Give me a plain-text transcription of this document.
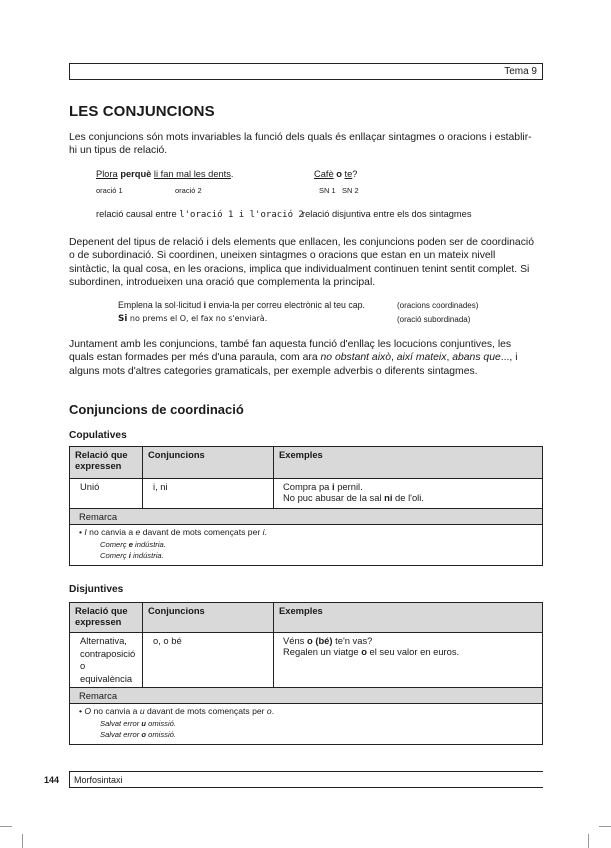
Tema 9
LES CONJUNCIONS

Les conjuncions són mots invariables la funció dels quals és enllaçar sintagmes o oracions i establir-hi un tipus de relació.

Plora perquè li fan mal les dents.
oració 1	oració 2
relació causal entre l'oració 1 i l'oració 2
Cafè o te?
SN 1 SN 2
relació disjuntiva entre els dos sintagmes

Depenent del tipus de relació i dels elements que enllacen, les conjuncions poden ser de coordinació o de subordinació. Si coordinen, uneixen sintagmes o oracions que estan en un mateix nivell sintàctic, la qual cosa, en les oracions, implica que individualment continuen tenint sentit complet. Si subordinen, introdueixen una oració que complementa la principal.

Emplena la sol·licitud i envia-la per correu electrònic al teu cap.	(oracions coordinades)
Si no prems el O, el fax no s'enviarà.	(oració subordinada)

Juntament amb les conjuncions, també fan aquesta funció d'enllaç les locucions conjuntives, les quals estan formades per més d'una paraula, com ara no obstant això, així mateix, abans que..., i alguns mots d'altres categories gramaticals, per exemple adverbis o diferents sintagmes.

Conjuncions de coordinació
Copulatives
Relació que expressen	Conjuncions	Exemples
Unió	i, ni	Compra pa i pernil.
No puc abusar de la sal ni de l'oli.

Remarca		
• I no canvia a e davant de mots començats per i.
Comerç e indústria.
Comerç i indústria.		
Disjuntives
Relació que expressen	Conjuncions	Exemples
Alternativa, contraposició o equivalència	o, o bé	Véns o (bé) te'n vas?
Regalen un viatge o el seu valor en euros.

Remarca		
• O no canvia a u davant de mots començats per o.
Salvat error u omissió.
Salvat error o omissió.		
144 Morfosintaxi
